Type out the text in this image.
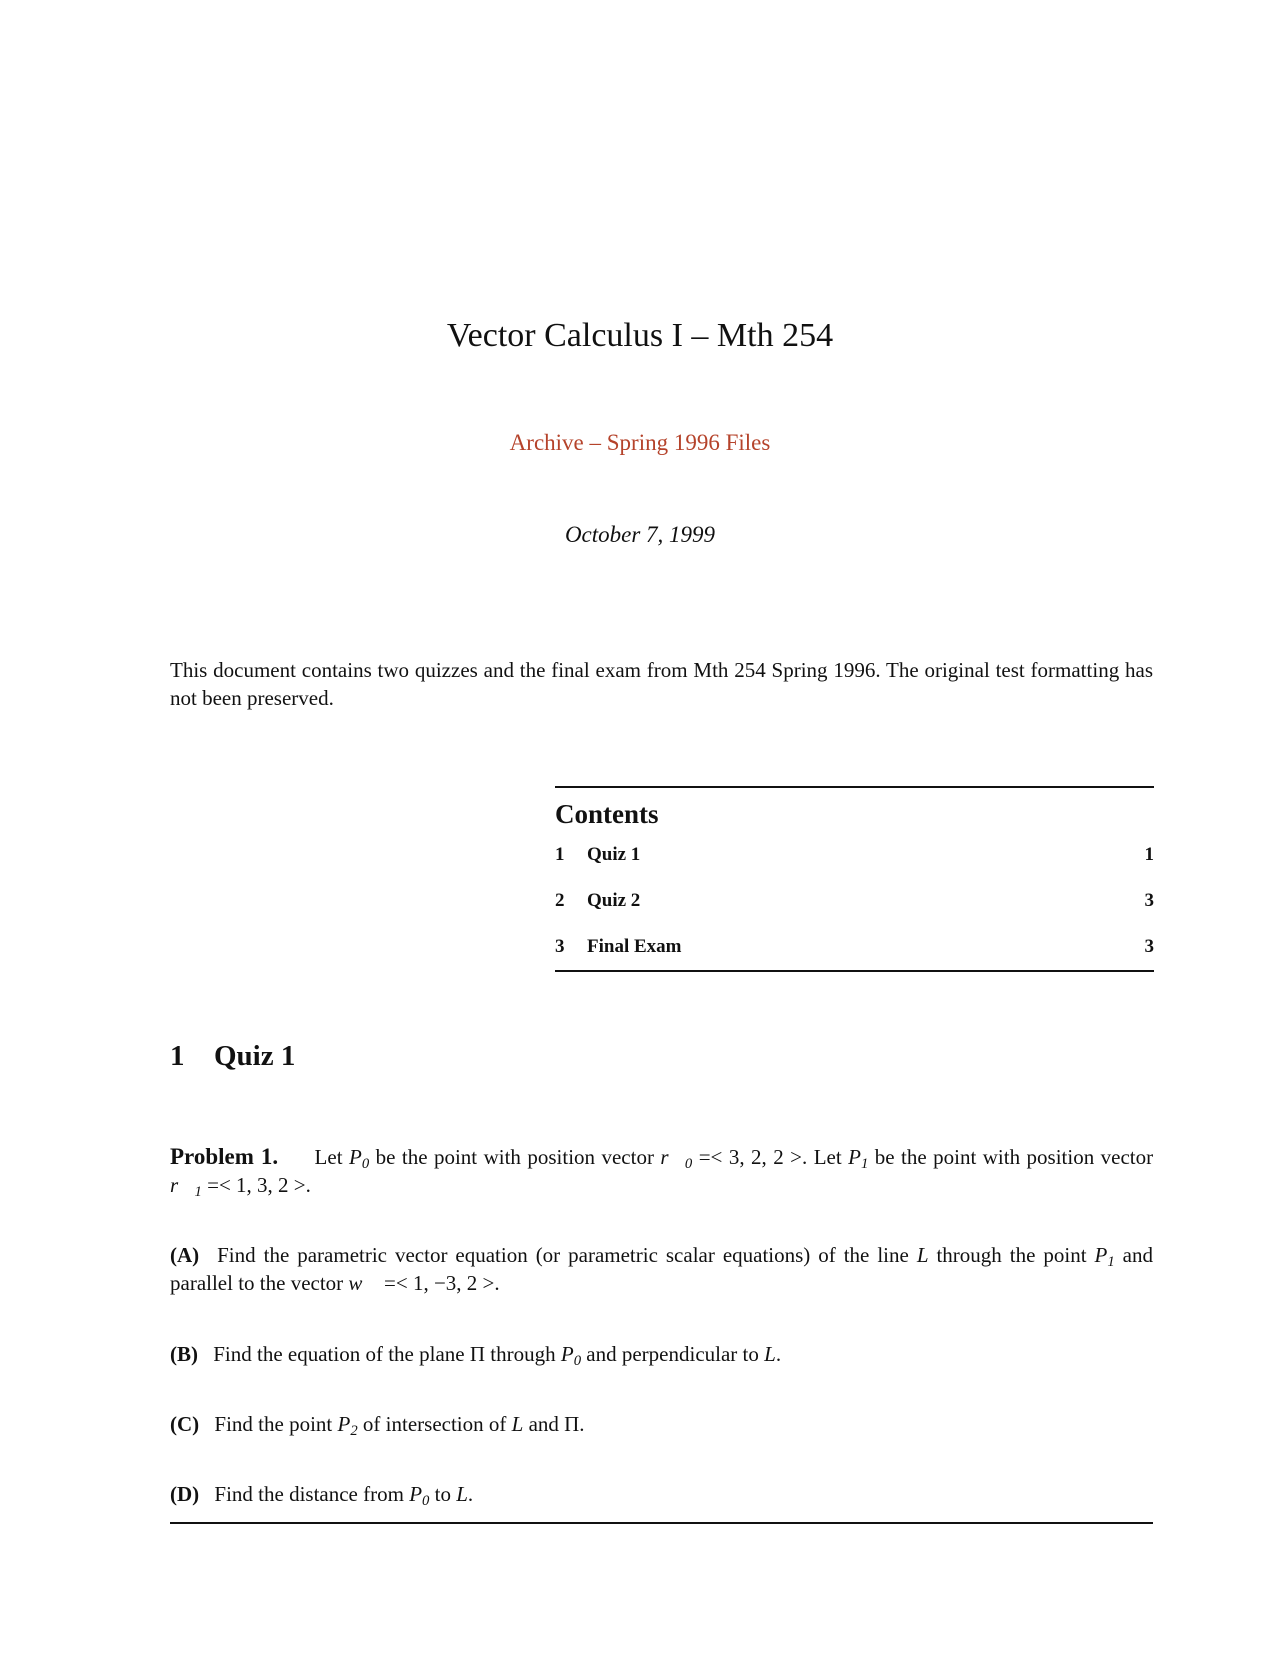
Vector Calculus I – Mth 254
Archive – Spring 1996 Files
October 7, 1999
This document contains two quizzes and the final exam from Mth 254 Spring 1996. The original test formatting has not been preserved.
Contents
1	Quiz 1	1
2	Quiz 2	3
3	Final Exam	3
1 Quiz 1
Problem 1. Let $P_0$ be the point with position vector $r⃗_0 =< 3$, 2, 2 >. Let $P_1$ be the point with position vector $r⃗_1 =< 1$, 3, 2 >.
(A) Find the parametric vector equation (or parametric scalar equations) of the line L through the point $P_1$ and parallel to the vector w⃗ =< 1, −3, 2 >.
(B) Find the equation of the plane Π through $P_0$ and perpendicular to L.
(C) Find the point $P_2$ of intersection of L and Π.
(D) Find the distance from $P_0$ to L.
